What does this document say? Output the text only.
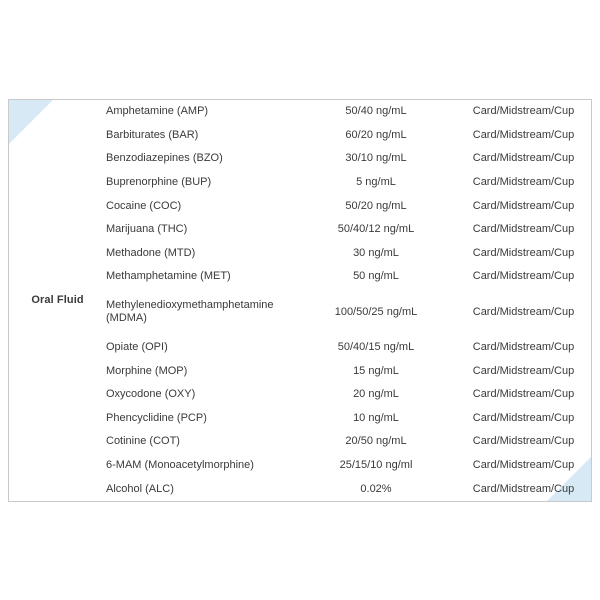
Oral Fluid	Amphetamine (AMP)	50/40 ng/mL	Card/Midstream/Cup
	Barbiturates (BAR)	60/20 ng/mL	Card/Midstream/Cup
	Benzodiazepines (BZO)	30/10 ng/mL	Card/Midstream/Cup
	Buprenorphine (BUP)	5 ng/mL	Card/Midstream/Cup
	Cocaine (COC)	50/20 ng/mL	Card/Midstream/Cup
	Marijuana (THC)	50/40/12 ng/mL	Card/Midstream/Cup
	Methadone (MTD)	30 ng/mL	Card/Midstream/Cup
	Methamphetamine (MET)	50 ng/mL	Card/Midstream/Cup
	Methylenedioxymethamphetamine (MDMA)	100/50/25 ng/mL	Card/Midstream/Cup
	Opiate (OPI)	50/40/15 ng/mL	Card/Midstream/Cup
	Morphine (MOP)	15 ng/mL	Card/Midstream/Cup
	Oxycodone (OXY)	20 ng/mL	Card/Midstream/Cup
	Phencyclidine (PCP)	10 ng/mL	Card/Midstream/Cup
	Cotinine (COT)	20/50 ng/mL	Card/Midstream/Cup
	6-MAM (Monoacetylmorphine)	25/15/10 ng/ml	Card/Midstream/Cup
	Alcohol (ALC)	0.02%	Card/Midstream/Cup
